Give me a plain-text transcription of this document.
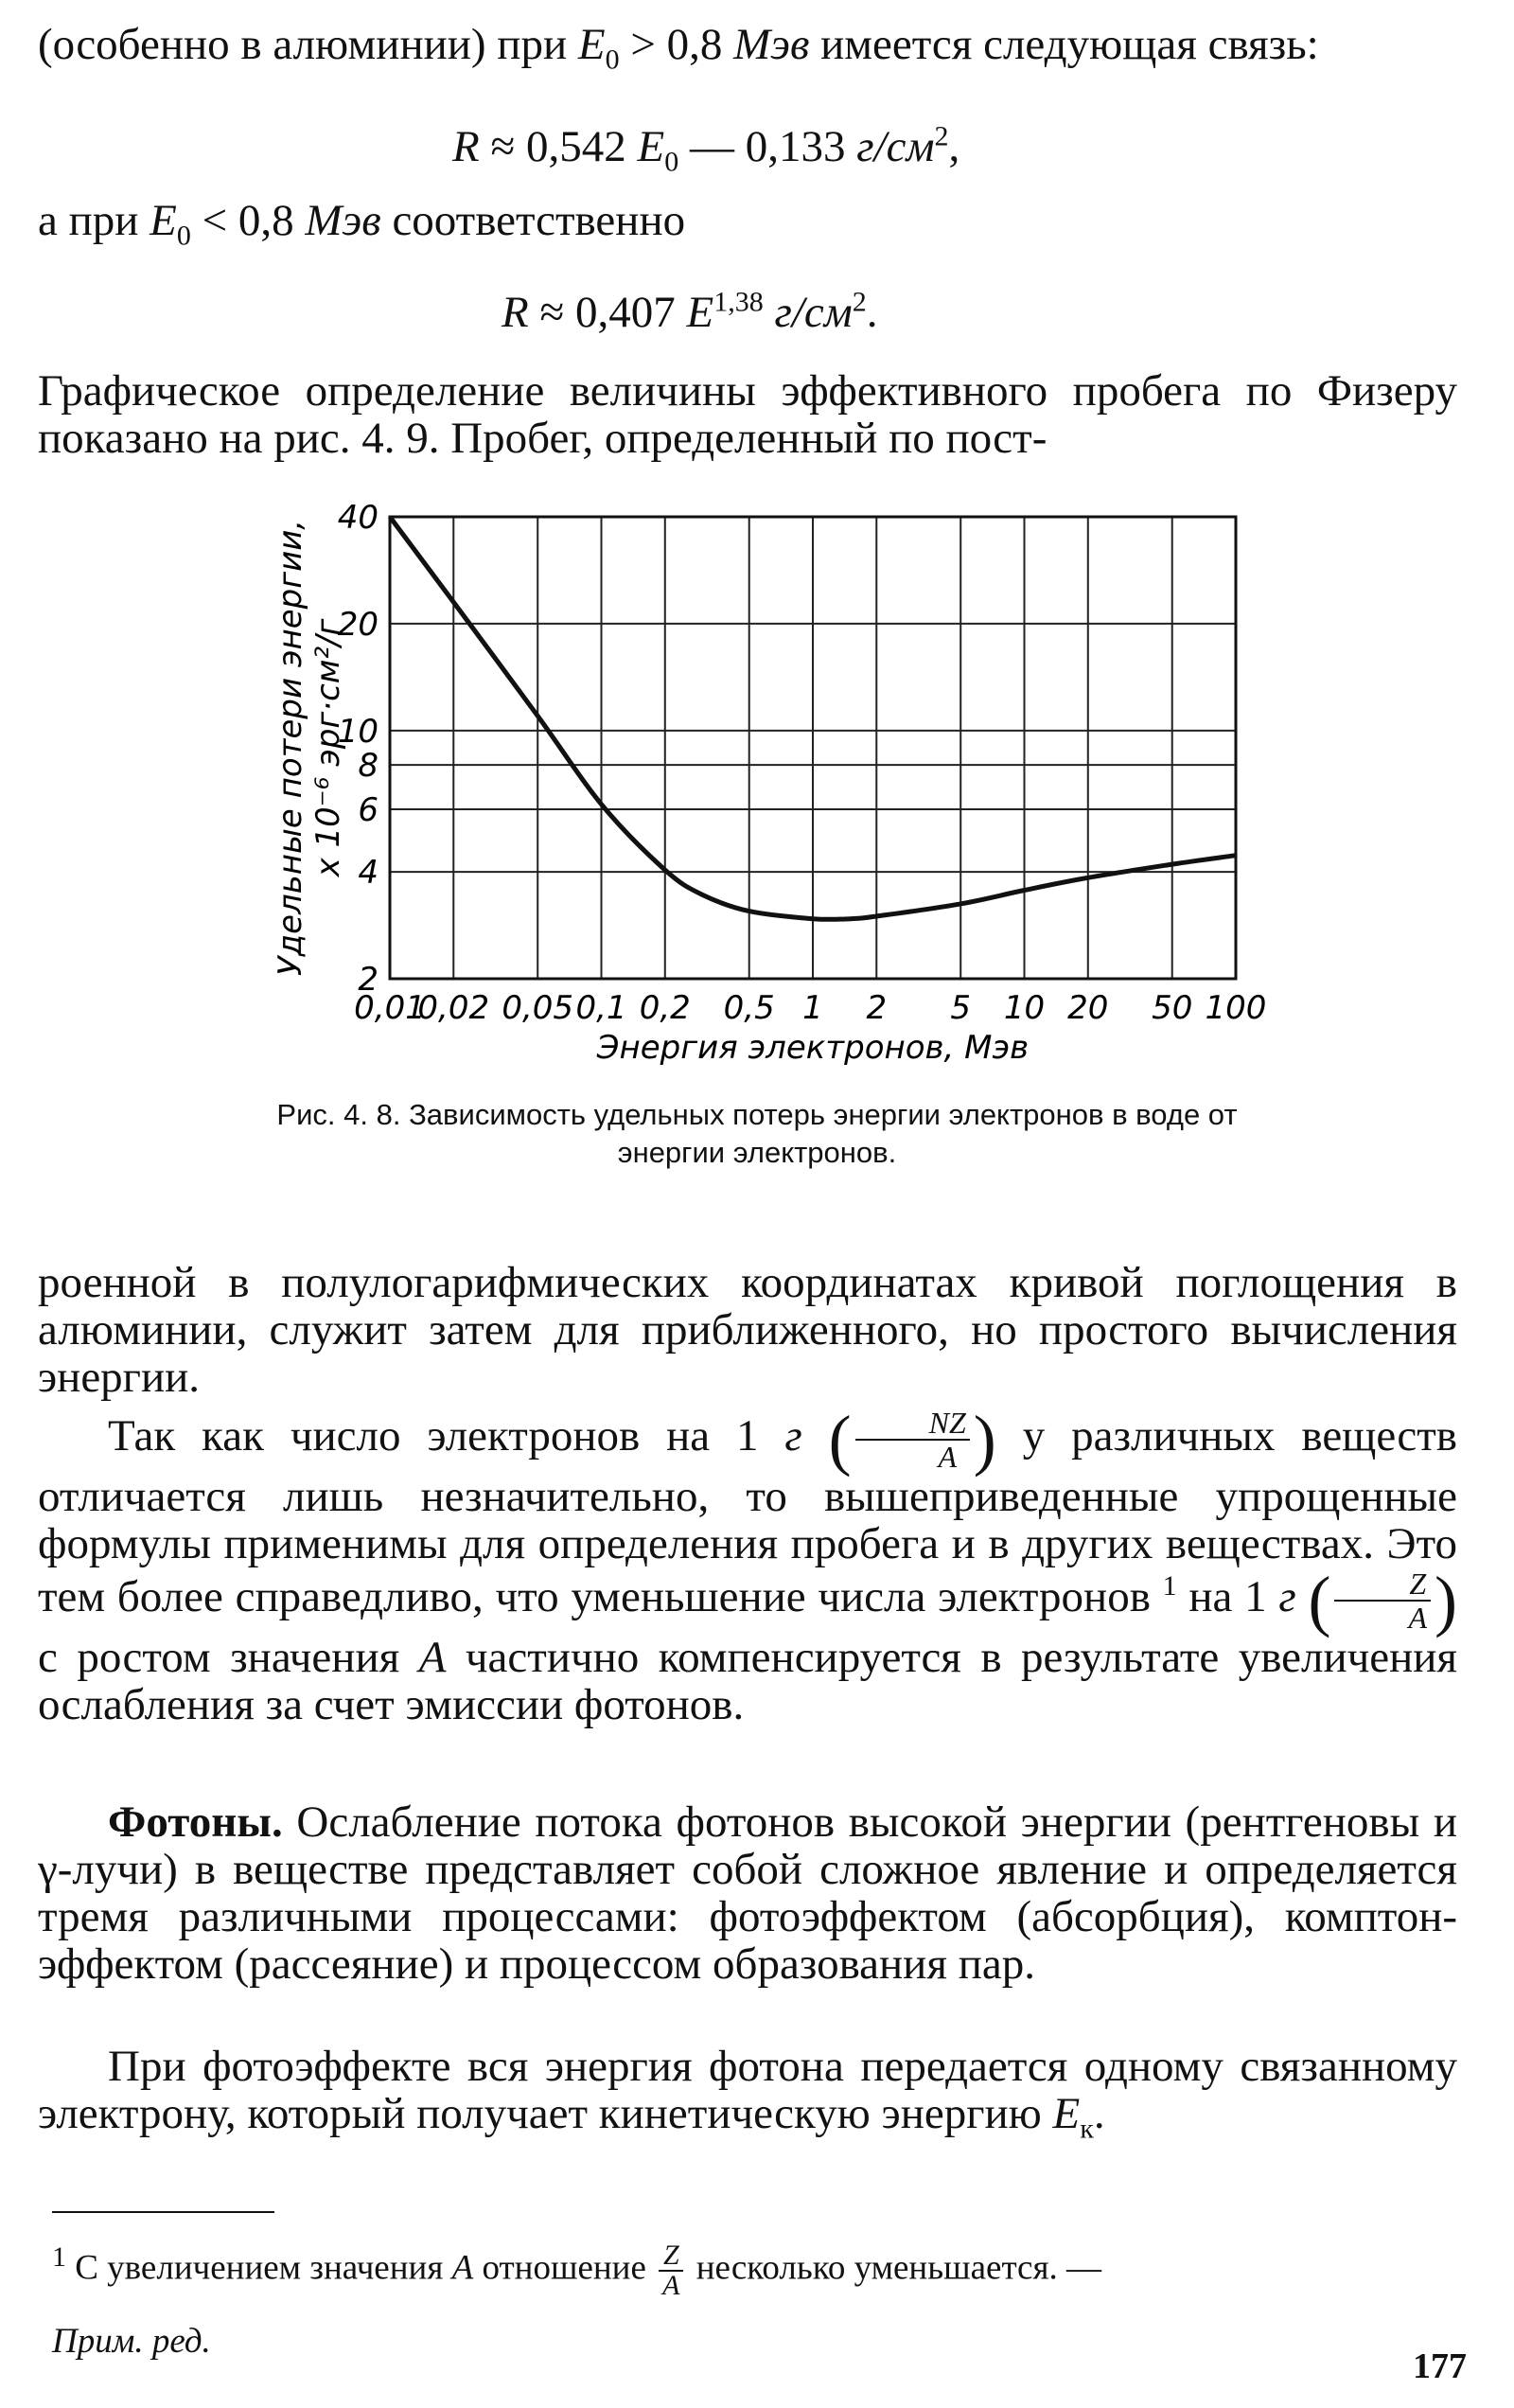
(особенно в алюминии) при $E_0 > 0,8$ Мэв имеется следующая связь:
R ≈ 0,542 $E_0$ — 0,133 $г/см^2$,
а при $E_0 < 0,8$ Мэв соответственно
R ≈ 0,407 E$^{1,38}$ $г/см^2$.
Графическое определение величины эффективного пробега по Физеру показано на рис. 4. 9. Пробег, определенный по пост-
0,01
0,02 0,05 0,1 0,2 0,5 1 2 5 10 20 50 100
2
4
6
8
10
20
40
Энергия электронов, Мэв
Удельные потери энергии, x 10⁻⁶ эрг·см²/г
Рис. 4. 8. Зависимость удельных потерь энергии электронов в воде от энергии электронов.
роенной в полулогарифмических координатах кривой поглощения в алюминии, служит затем для приближенного, но простого вычисления энергии.
Так как число электронов на 1 г ( $\frac{NZ}{A}$ ) у различных веществ отличается лишь незначительно, то вышеприведенные упрощенные формулы применимы для определения пробега и в других веществах. Это тем более справедливо, что уменьшение числа электронов $^1$ на 1 г ( $\frac{Z}{A}$ ) с ростом значения A частично компенсируется в результате увеличения ослабления за счет эмиссии фотонов.
Фотоны. Ослабление потока фотонов высокой энергии (рентгеновы и γ-лучи) в веществе представляет собой сложное явление и определяется тремя различными процессами: фотоэффектом (абсорбция), комптон-эффектом (рассеяние) и процессом образования пар.
При фотоэффекте вся энергия фотона передается одному связанному электрону, который получает кинетическую энергию $E_к$.
$^1$ С увеличением значения A отношение $\frac{Z}{A}$ несколько уменьшается. —
Прим. ред.
177
